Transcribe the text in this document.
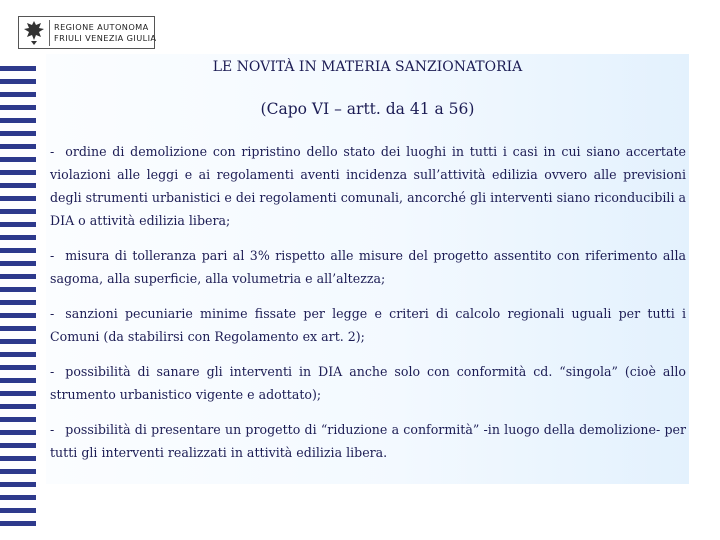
REGIONE AUTONOMA
FRIULI VENEZIA GIULIA
LE NOVITÀ IN MATERIA SANZIONATORIA
(Capo VI – artt. da 41 a 56)

- ordine di demolizione con ripristino dello stato dei luoghi in tutti i casi in cui siano accertate violazioni alle leggi e ai regolamenti aventi incidenza sull’attività edilizia ovvero alle previsioni degli strumenti urbanistici e dei regolamenti comunali, ancorché gli interventi siano riconducibili a DIA o attività edilizia libera;

- misura di tolleranza pari al 3% rispetto alle misure del progetto assentito con riferimento alla sagoma, alla superficie, alla volumetria e all’altezza;

- sanzioni pecuniarie minime fissate per legge e criteri di calcolo regionali uguali per tutti i Comuni (da stabilirsi con Regolamento ex art. 2);

- possibilità di sanare gli interventi in DIA anche solo con conformità cd. “singola” (cioè allo strumento urbanistico vigente e adottato);

- possibilità di presentare un progetto di “riduzione a conformità” -in luogo della demolizione- per tutti gli interventi realizzati in attività edilizia libera.
